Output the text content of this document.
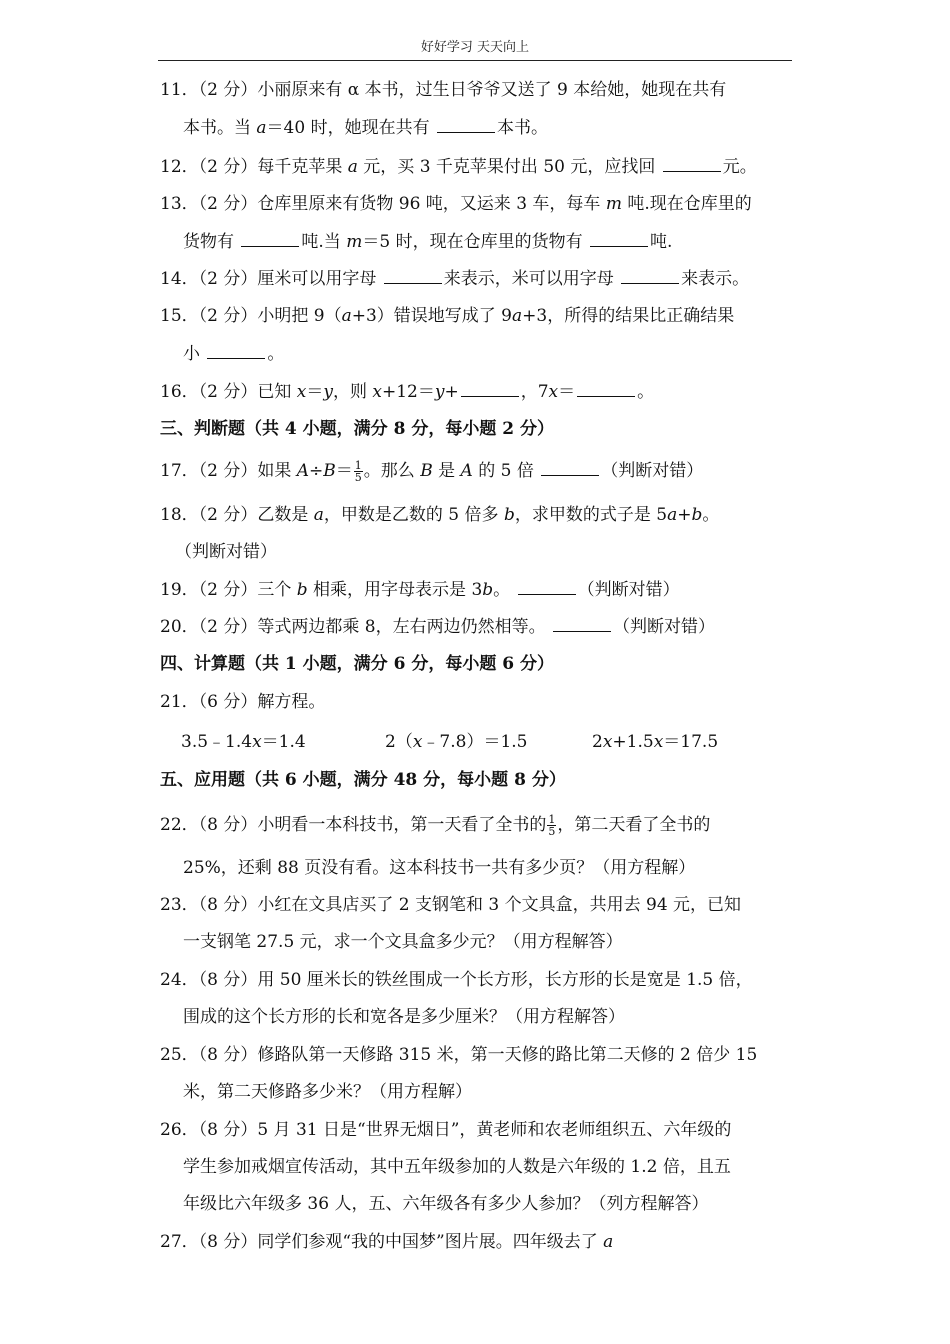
好好学习 天天向上
11．（2 分）小丽原来有 α 本书，过生日爷爷又送了 9 本给她，她现在共有
本书。当 a＝40 时，她现在共有	本书。
12．（2 分）每千克苹果 a 元，买 3 千克苹果付出 50 元，应找回	元。
13．（2 分）仓库里原来有货物 96 吨，又运来 3 车，每车 m 吨.现在仓库里的
货物有	吨.当 m＝5 时，现在仓库里的货物有	吨.
14．（2 分）厘米可以用字母	来表示，米可以用字母	来表示。
15．（2 分）小明把 9（a+3）错误地写成了 9a+3，所得的结果比正确结果
小	。
16．（2 分）已知 x＝y，则 x+12＝y+	，7x＝	。
三、判断题（共 4 小题，满分 8 分，每小题 2 分）
17．（2 分）如果 $A\div B= \frac{1}{5}$ 。那么 B 是 A 的 5 倍	（判断对错）
18．（2 分）乙数是 a，甲数是乙数的 5 倍多 b，求甲数的式子是 5a+b。
（判断对错）
19．（2 分）三个 b 相乘，用字母表示是 3b。	（判断对错）
20．（2 分）等式两边都乘 8，左右两边仍然相等。	（判断对错）
四、计算题（共 1 小题，满分 6 分，每小题 6 分）
21．（6 分）解方程。
3.5﹣1.4x＝1.4	2（x﹣7.8）＝1.5	2x+1.5x＝17.5
五、应用题（共 6 小题，满分 48 分，每小题 8 分）
22．（8 分）小明看一本科技书，第一天看了全书的 $\frac{1}{5}$ ，第二天看了全书的
25%，还剩 88 页没有看。这本科技书一共有多少页？（用方程解）
23．（8 分）小红在文具店买了 2 支钢笔和 3 个文具盒，共用去 94 元，已知
一支钢笔 27.5 元，求一个文具盒多少元？（用方程解答）
24．（8 分）用 50 厘米长的铁丝围成一个长方形，长方形的长是宽是 1.5 倍，
围成的这个长方形的长和宽各是多少厘米？（用方程解答）
25．（8 分）修路队第一天修路 315 米，第一天修的路比第二天修的 2 倍少 15
米，第二天修路多少米？（用方程解）
26．（8 分）5 月 31 日是“世界无烟日”，黄老师和农老师组织五、六年级的
学生参加戒烟宣传活动，其中五年级参加的人数是六年级的 1.2 倍，且五
年级比六年级多 36 人，五、六年级各有多少人参加？（列方程解答）
27．（8 分）同学们参观“我的中国梦”图片展。四年级去了 a
